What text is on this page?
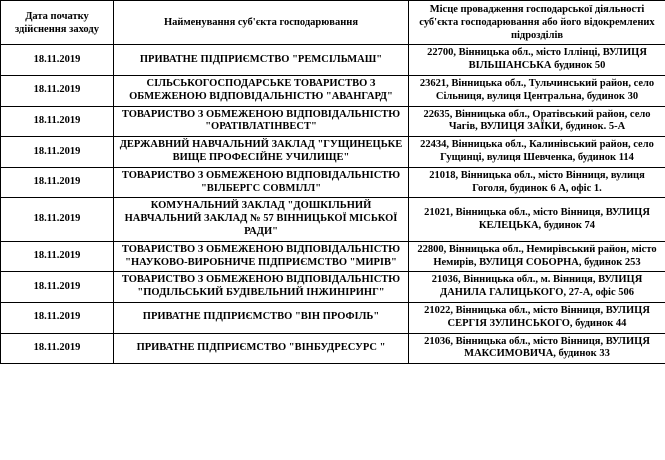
Дата початку здійснення заходу	Найменування суб'єкта господарювання	Місце провадження господарської діяльності суб'єкта господарювання або його відокремлених підрозділів
18.11.2019	ПРИВАТНЕ ПІДПРИЄМСТВО "РЕМСІЛЬМАШ"	22700, Вінницька обл., місто Іллінці, ВУЛИЦЯ ВІЛЬШАНСЬКА будинок 50
18.11.2019	СІЛЬСЬКОГОСПОДАРСЬКЕ ТОВАРИСТВО З ОБМЕЖЕНОЮ ВІДПОВІДАЛЬНІСТЮ "АВАНГАРД"	23621, Вінницька обл., Тульчинський район, село Сільниця, вулиця Центральна, будинок 30
18.11.2019	ТОВАРИСТВО З ОБМЕЖЕНОЮ ВІДПОВІДАЛЬНІСТЮ "ОРАТІВЛАТІНВЕСТ"	22635, Вінницька обл., Оратівський район, село Чагів, ВУЛИЦЯ ЗАЇКИ, будинок. 5-А
18.11.2019	ДЕРЖАВНИЙ НАВЧАЛЬНИЙ ЗАКЛАД "ГУЩИНЕЦЬКЕ ВИЩЕ ПРОФЕСІЙНЕ УЧИЛИЩЕ"	22434, Вінницька обл., Калинівський район, село Гущинці, вулиця Шевченка, будинок 114
18.11.2019	ТОВАРИСТВО З ОБМЕЖЕНОЮ ВІДПОВІДАЛЬНІСТЮ "ВІЛБЕРГС СОВМІЛЛ"	21018, Вінницька обл., місто Вінниця, вулиця Гоголя, будинок 6 А, офіс 1.
18.11.2019	КОМУНАЛЬНИЙ ЗАКЛАД "ДОШКІЛЬНИЙ НАВЧАЛЬНИЙ ЗАКЛАД № 57 ВІННИЦЬКОЇ МІСЬКОЇ РАДИ"	21021, Вінницька обл., місто Вінниця, ВУЛИЦЯ КЕЛЕЦЬКА, будинок 74
18.11.2019	ТОВАРИСТВО З ОБМЕЖЕНОЮ ВІДПОВІДАЛЬНІСТЮ "НАУКОВО-ВИРОБНИЧЕ ПІДПРИЄМСТВО "МИРІВ"	22800, Вінницька обл., Немирівський район, місто Немирів, ВУЛИЦЯ СОБОРНА, будинок 253
18.11.2019	ТОВАРИСТВО З ОБМЕЖЕНОЮ ВІДПОВІДАЛЬНІСТЮ "ПОДІЛЬСЬКИЙ БУДІВЕЛЬНИЙ ІНЖИНІРИНГ"	21036, Вінницька обл., м. Вінниця, ВУЛИЦЯ ДАНИЛА ГАЛИЦЬКОГО, 27-А, офіс 506
18.11.2019	ПРИВАТНЕ ПІДПРИЄМСТВО "ВІН ПРОФІЛЬ"	21022, Вінницька обл., місто Вінниця, ВУЛИЦЯ СЕРГІЯ ЗУЛИНСЬКОГО, будинок 44
18.11.2019	ПРИВАТНЕ ПІДПРИЄМСТВО "ВІНБУДРЕСУРС "	21036, Вінницька обл., місто Вінниця, ВУЛИЦЯ МАКСИМОВИЧА, будинок 33
